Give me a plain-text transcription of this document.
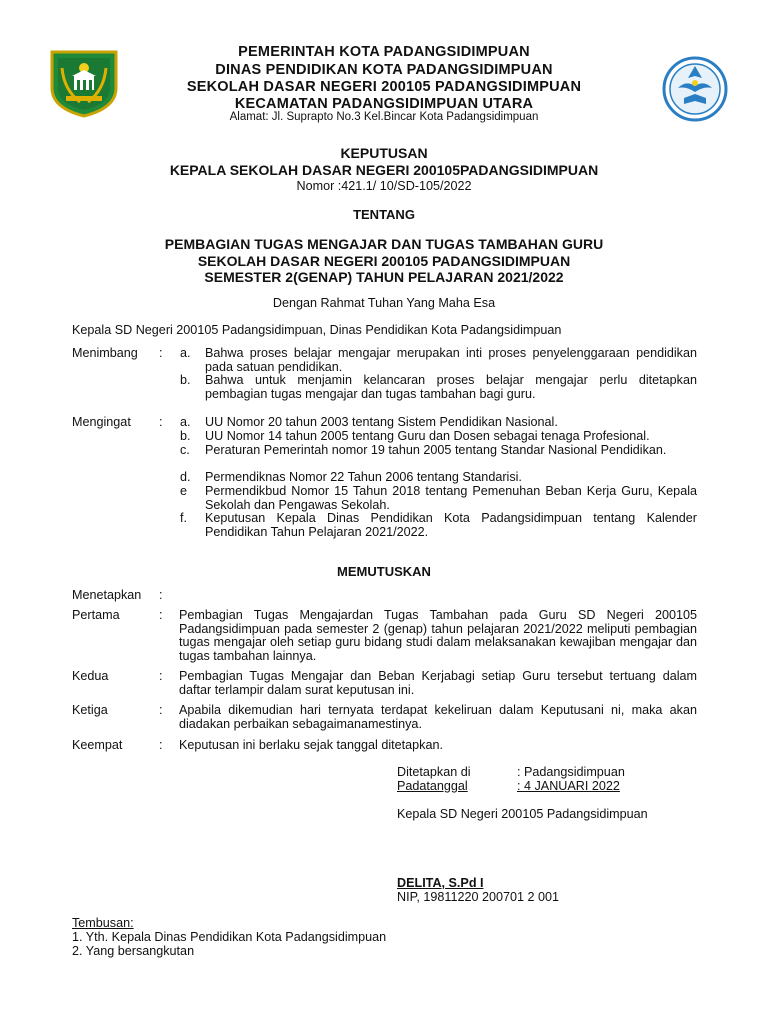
PEMERINTAH KOTA PADANGSIDIMPUAN
DINAS PENDIDIKAN KOTA PADANGSIDIMPUAN
SEKOLAH DASAR NEGERI 200105 PADANGSIDIMPUAN
KECAMATAN PADANGSIDIMPUAN UTARA
Alamat: Jl. Suprapto No.3 Kel.Bincar Kota Padangsidimpuan
KEPUTUSAN
KEPALA SEKOLAH DASAR NEGERI 200105PADANGSIDIMPUAN
Nomor :421.1/ 10/SD-105/2022
TENTANG
PEMBAGIAN TUGAS MENGAJAR DAN TUGAS TAMBAHAN GURU
SEKOLAH DASAR NEGERI 200105 PADANGSIDIMPUAN
SEMESTER 2(GENAP) TAHUN PELAJARAN 2021/2022
Dengan Rahmat Tuhan Yang Maha Esa
Kepala SD Negeri 200105 Padangsidimpuan, Dinas Pendidikan Kota Padangsidimpuan
Menimbang : a. Bahwa proses belajar mengajar merupakan inti proses penyelenggaraan pendidikan pada satuan pendidikan.
b. Bahwa untuk menjamin kelancaran proses belajar mengajar perlu ditetapkan pembagian tugas mengajar dan tugas tambahan bagi guru.
Mengingat : a. UU Nomor 20 tahun 2003 tentang Sistem Pendidikan Nasional.
b. UU Nomor 14 tahun 2005 tentang Guru dan Dosen sebagai tenaga Profesional.
c. Peraturan Pemerintah nomor 19 tahun 2005 tentang Standar Nasional Pendidikan.
d. Permendiknas Nomor 22 Tahun 2006 tentang Standarisi.
e Permendikbud Nomor 15 Tahun 2018 tentang Pemenuhan Beban Kerja Guru, Kepala Sekolah dan Pengawas Sekolah.
f. Keputusan Kepala Dinas Pendidikan Kota Padangsidimpuan tentang Kalender Pendidikan Tahun Pelajaran 2021/2022.
MEMUTUSKAN
Menetapkan :
Pertama	: Pembagian Tugas Mengajardan Tugas Tambahan pada Guru SD Negeri 200105 Padangsidimpuan pada semester 2 (genap) tahun pelajaran 2021/2022 meliputi pembagian tugas mengajar oleh setiap guru bidang studi dalam melaksanakan kewajiban mengajar dan tugas tambahan lainnya.
Kedua	: Pembagian Tugas Mengajar dan Beban Kerjabagi setiap Guru tersebut tertuang dalam daftar terlampir dalam surat keputusan ini.
Ketiga	: Apabila dikemudian hari ternyata terdapat kekeliruan dalam Keputusani ni, maka akan diadakan perbaikan sebagaimanamestinya.
Keempat	: Keputusan ini berlaku sejak tanggal ditetapkan.
Ditetapkan di	: Padangsidimpuan
Padatanggal	: 4 JANUARI 2022
Kepala SD Negeri 200105 Padangsidimpuan
DELITA, S.Pd I
NIP, 19811220 200701 2 001
Tembusan:
1. Yth. Kepala Dinas Pendidikan Kota Padangsidimpuan
2. Yang bersangkutan
